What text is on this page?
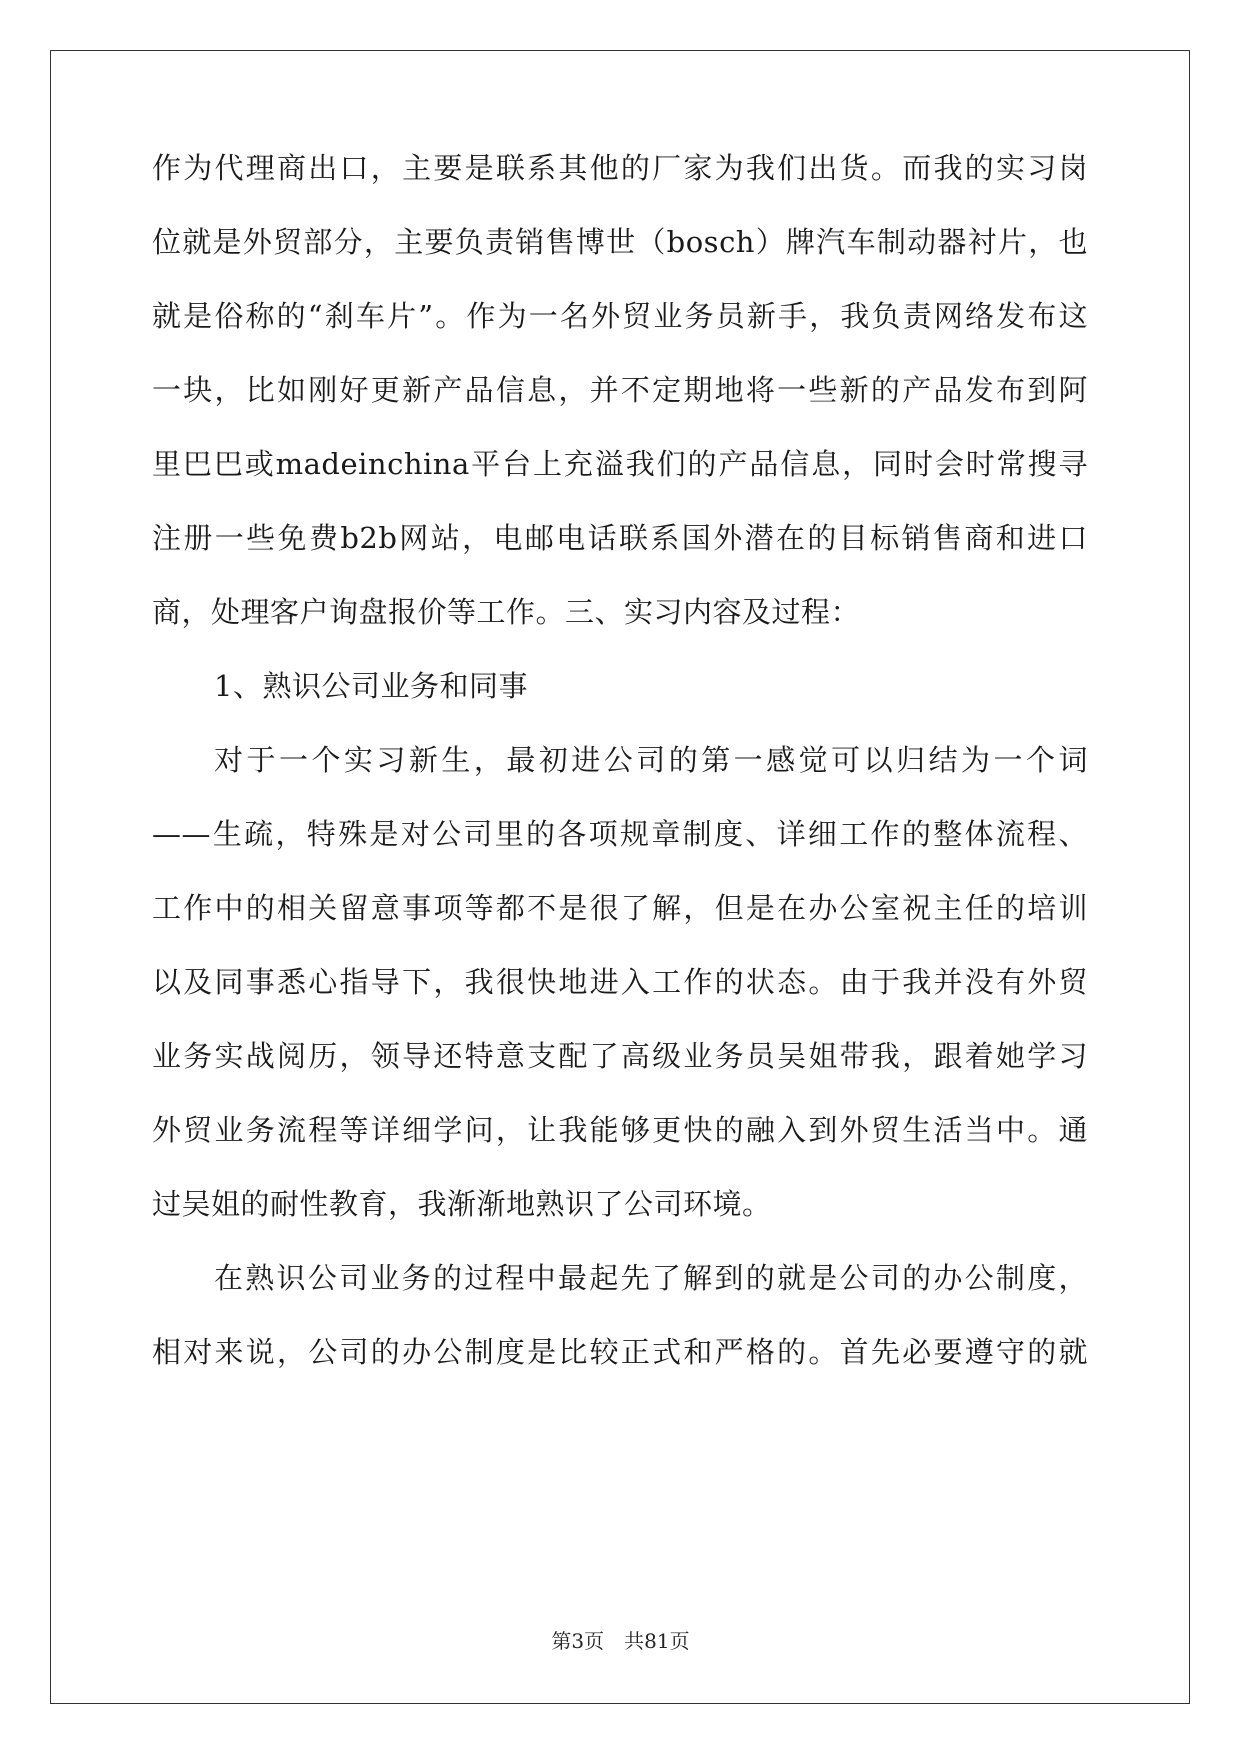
作为代理商出口，主要是联系其他的厂家为我们出货。而我的实习岗
位就是外贸部分，主要负责销售博世（bosch）牌汽车制动器衬片，也
就是俗称的“刹车片”。作为一名外贸业务员新手，我负责网络发布这
一块，比如刚好更新产品信息，并不定期地将一些新的产品发布到阿
里巴巴或madeinchina平台上充溢我们的产品信息，同时会时常搜寻
注册一些免费b2b网站，电邮电话联系国外潜在的目标销售商和进口
商，处理客户询盘报价等工作。三、实习内容及过程：
1、熟识公司业务和同事
对于一个实习新生，最初进公司的第一感觉可以归结为一个词
——生疏，特殊是对公司里的各项规章制度、详细工作的整体流程、
工作中的相关留意事项等都不是很了解，但是在办公室祝主任的培训
以及同事悉心指导下，我很快地进入工作的状态。由于我并没有外贸
业务实战阅历，领导还特意支配了高级业务员吴姐带我，跟着她学习
外贸业务流程等详细学问，让我能够更快的融入到外贸生活当中。通
过吴姐的耐性教育，我渐渐地熟识了公司环境。
在熟识公司业务的过程中最起先了解到的就是公司的办公制度，
相对来说，公司的办公制度是比较正式和严格的。首先必要遵守的就
第3页　共81页
